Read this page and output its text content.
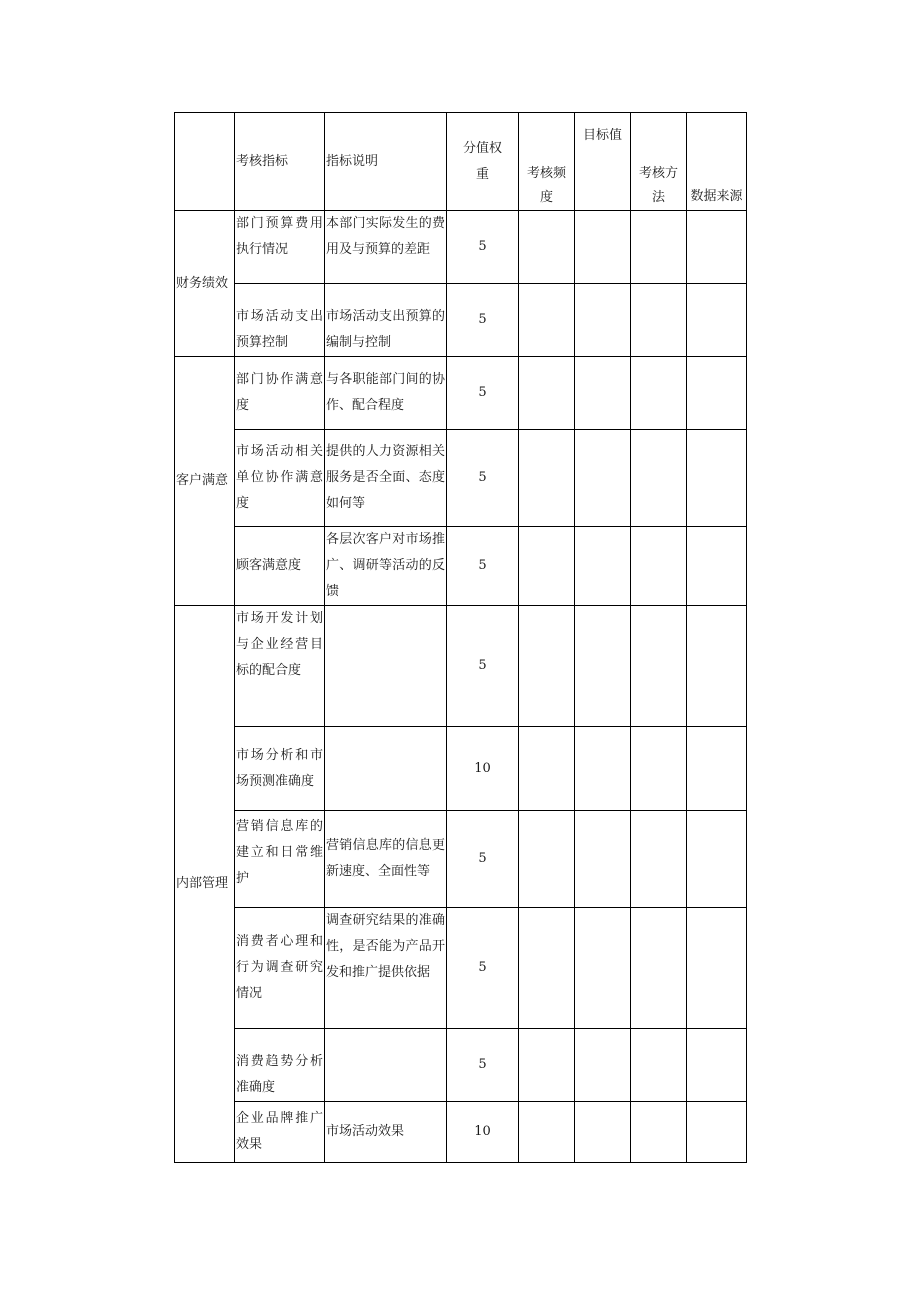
	考核指标	指标说明	分值权重	考核频度	目标值	考核方法	数据来源
财务绩效	部门预算费用执行情况	本部门实际发生的费用及与预算的差距	5				
	市场活动支出预算控制	市场活动支出预算的编制与控制	5				
客户满意	部门协作满意度	与各职能部门间的协作、配合程度	5				
	市场活动相关单位协作满意度	提供的人力资源相关服务是否全面、态度如何等	5				
	顾客满意度	各层次客户对市场推广、调研等活动的反馈	5				
内部管理	市场开发计划与企业经营目标的配合度		5				
	市场分析和市场预测准确度		10				
	营销信息库的建立和日常维护	营销信息库的信息更新速度、全面性等	5				
	消费者心理和行为调查研究情况	调查研究结果的准确性，是否能为产品开发和推广提供依据	5				
	消费趋势分析准确度		5				
	企业品牌推广效果	市场活动效果	10				
